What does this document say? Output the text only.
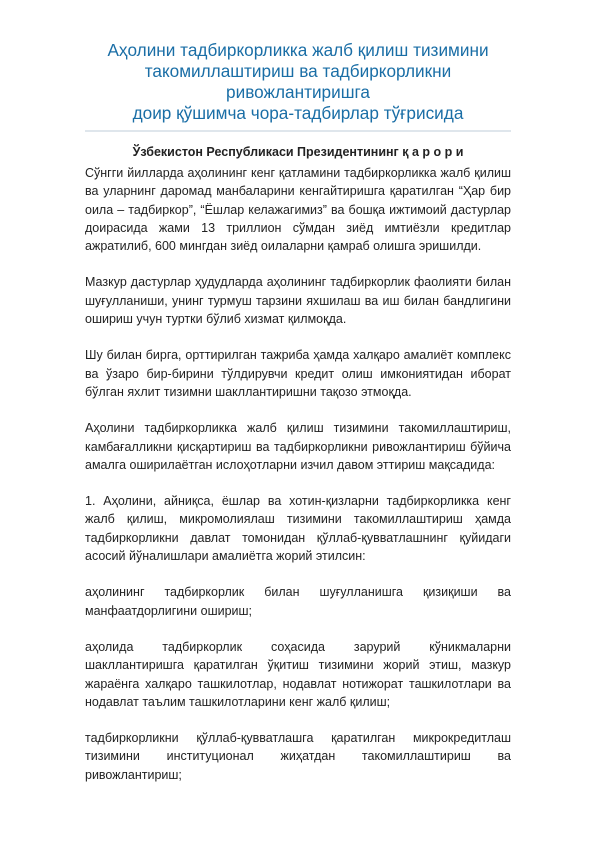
Аҳолини тадбиркорликка жалб қилиш тизимини
такомиллаштириш ва тадбиркорликни ривожлантиришга
доир қўшимча чора-тадбирлар тўғрисида

Ўзбекистон Республикаси Президентининг қ а р о р и

Сўнгги йилларда аҳолининг кенг қатламини тадбиркорликка жалб қилиш ва уларнинг даромад манбаларини кенгайтиришга қаратилган “Ҳар бир оила – тадбиркор”, “Ёшлар келажагимиз” ва бошқа ижтимоий дастурлар доирасида жами 13 триллион сўмдан зиёд имтиёзли кредитлар ажратилиб, 600 мингдан зиёд оилаларни қамраб олишга эришилди.

Мазкур дастурлар ҳудудларда аҳолининг тадбиркорлик фаолияти билан шуғулланиши, унинг турмуш тарзини яхшилаш ва иш билан бандлигини ошириш учун туртки бўлиб хизмат қилмоқда.

Шу билан бирга, орттирилган тажриба ҳамда халқаро амалиёт комплекс ва ўзаро бир-бирини тўлдирувчи кредит олиш имкониятидан иборат бўлган яхлит тизимни шакллантиришни тақозо этмоқда.

Аҳолини тадбиркорликка жалб қилиш тизимини такомиллаштириш, камбағалликни қисқартириш ва тадбиркорликни ривожлантириш бўйича амалга оширилаётган ислоҳотларни изчил давом эттириш мақсадида:

1. Аҳолини, айниқса, ёшлар ва хотин-қизларни тадбиркорликка кенг жалб қилиш, микромолиялаш тизимини такомиллаштириш ҳамда тадбиркорликни давлат томонидан қўллаб-қувватлашнинг қуйидаги асосий йўналишлари амалиётга жорий этилсин:

аҳолининг тадбиркорлик билан шуғулланишга қизиқиши ва манфаатдорлигини ошириш;

аҳолида тадбиркорлик соҳасида зарурий кўникмаларни шакллантиришга қаратилган ўқитиш тизимини жорий этиш, мазкур жараёнга халқаро ташкилотлар, нодавлат нотижорат ташкилотлари ва нодавлат таълим ташкилотларини кенг жалб қилиш;

тадбиркорликни қўллаб-қувватлашга қаратилган микрокредитлаш тизимини институционал жиҳатдан такомиллаштириш ва ривожлантириш;
